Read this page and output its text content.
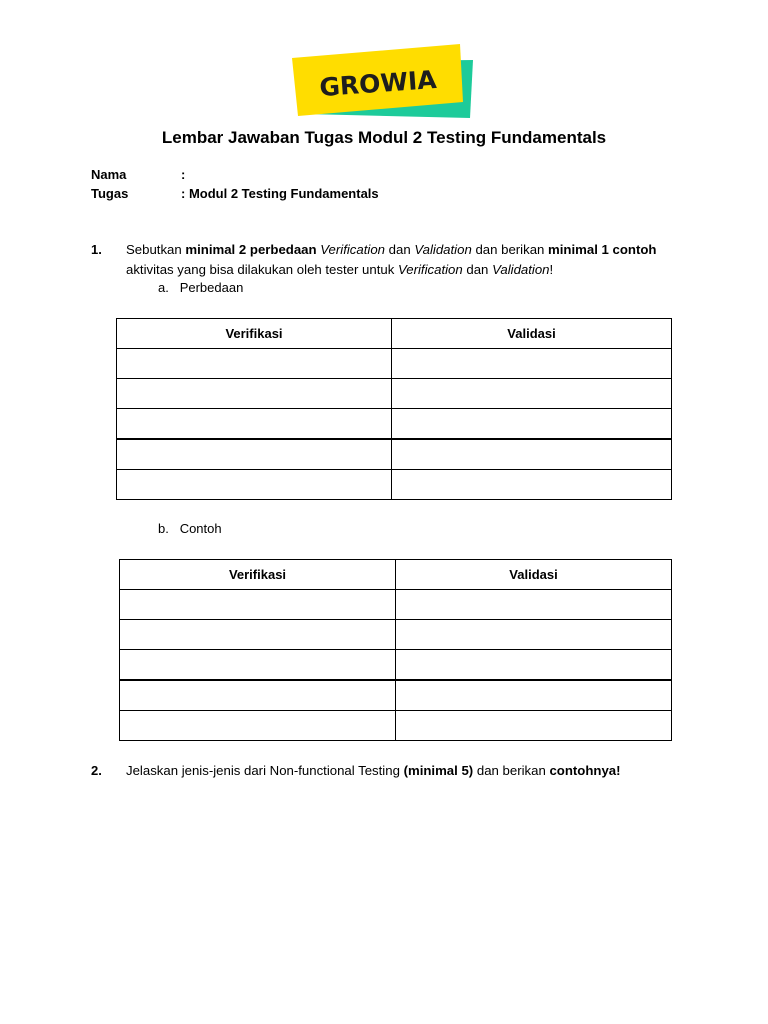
GROWIA
Lembar Jawaban Tugas Modul 2 Testing Fundamentals
Nama	:
Tugas	: Modul 2 Testing Fundamentals
1. Sebutkan minimal 2 perbedaan Verification dan Validation dan berikan minimal 1 contoh aktivitas yang bisa dilakukan oleh tester untuk Verification dan Validation!
a. Perbedaan
Verifikasi	Validasi

b. Contoh
Verifikasi	Validasi

2. Jelaskan jenis-jenis dari Non-functional Testing (minimal 5) dan berikan contohnya!
